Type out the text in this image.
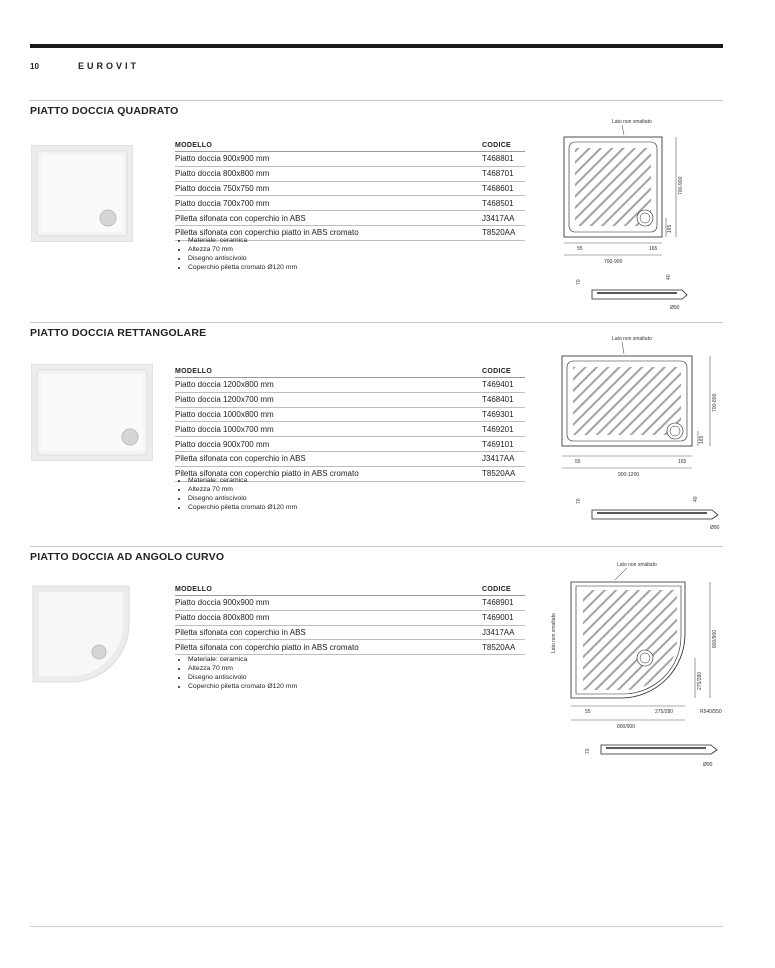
10	EUROVIT
PIATTO DOCCIA QUADRATO
MODELLO	CODICE
Piatto doccia 900x900 mm	T468801
Piatto doccia 800x800 mm	T468701
Piatto doccia 750x750 mm	T468601
Piatto doccia 700x700 mm	T468501
Piletta sifonata con coperchio in ABS	J3417AA
Piletta sifonata con coperchio piatto in ABS cromato	T8520AA
• Materiale: ceramica
• Altezza 70 mm
• Disegno antiscivolo
• Coperchio piletta cromato Ø120 mm
Lato non smaltato
700-900
165
55	165
700-900
70
40
Ø90
PIATTO DOCCIA RETTANGOLARE
MODELLO	CODICE
Piatto doccia 1200x800 mm	T469401
Piatto doccia 1200x700 mm	T468401
Piatto doccia 1000x800 mm	T469301
Piatto doccia 1000x700 mm	T469201
Piatto doccia 900x700 mm	T469101
Piletta sifonata con coperchio in ABS	J3417AA
Piletta sifonata con coperchio piatto in ABS cromato	T8520AA
• Materiale: ceramica
• Altezza 70 mm
• Disegno antiscivolo
• Coperchio piletta cromato Ø120 mm
Lato non smaltato
700-800
165
55	165
900-1200
70	40
Ø90
PIATTO DOCCIA AD ANGOLO CURVO
MODELLO	CODICE
Piatto doccia 900x900 mm	T468901
Piatto doccia 800x800 mm	T469001
Piletta sifonata con coperchio in ABS	J3417AA
Piletta sifonata con coperchio piatto in ABS cromato	T8520AA
• Materiale: ceramica
• Altezza 70 mm
• Disegno antiscivolo
• Coperchio piletta cromato Ø120 mm
Lato non smaltato
Lato non smaltato	800/900
275/280
55	275/280	R540/550
800/900
70
Ø90
